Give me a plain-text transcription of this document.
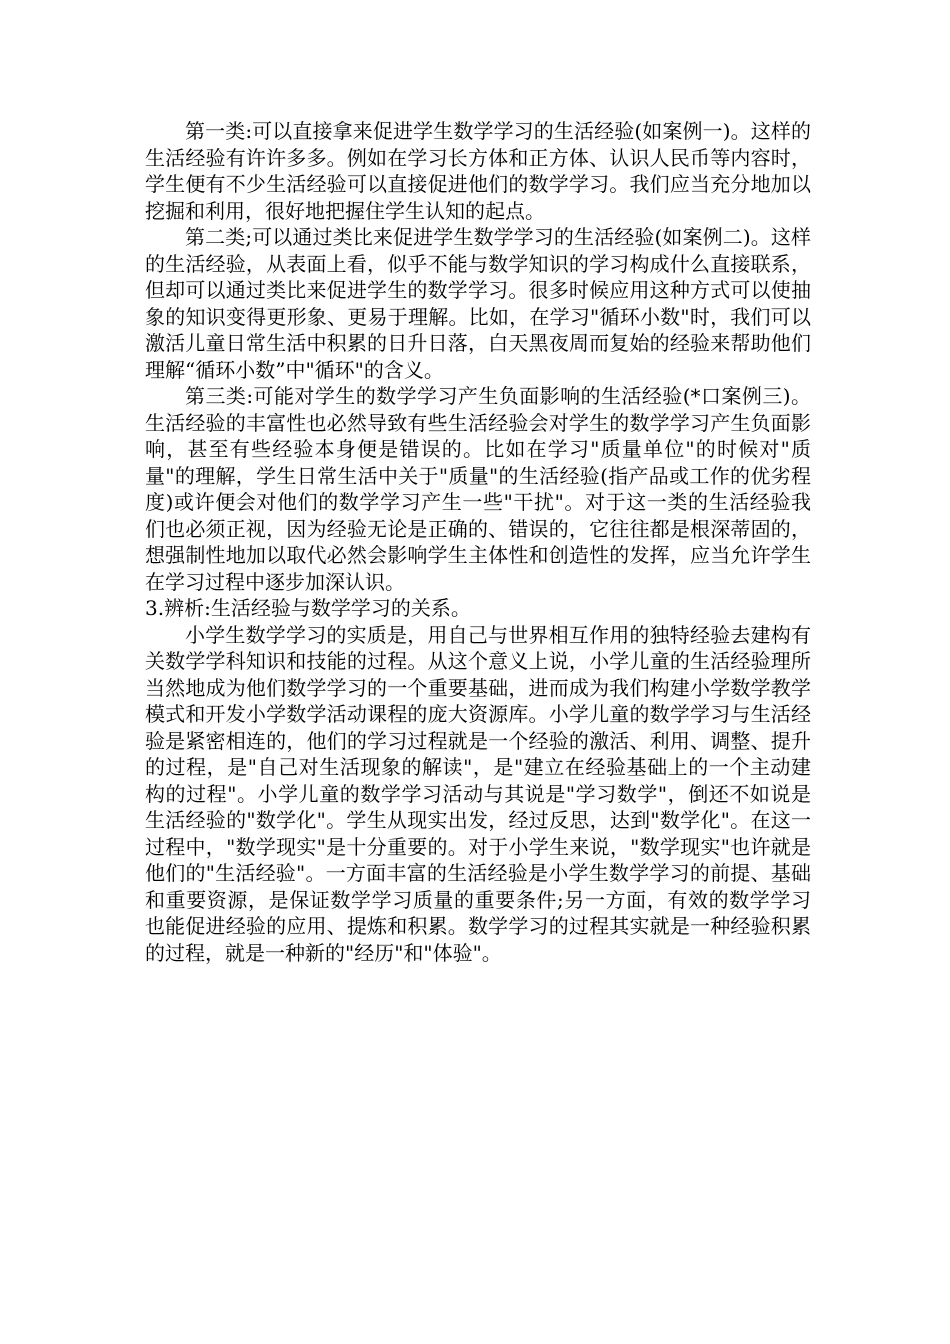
第一类:可以直接拿来促进学生数学学习的生活经验(如案例一)。这样的生活经验有许许多多。例如在学习长方体和正方体、认识人民币等内容时，学生便有不少生活经验可以直接促进他们的数学学习。我们应当充分地加以挖掘和利用，很好地把握住学生认知的起点。

第二类;可以通过类比来促进学生数学学习的生活经验(如案例二)。这样的生活经验，从表面上看，似乎不能与数学知识的学习构成什么直接联系，但却可以通过类比来促进学生的数学学习。很多时候应用这种方式可以使抽象的知识变得更形象、更易于理解。比如，在学习"循环小数"时，我们可以激活儿童日常生活中积累的日升日落，白天黑夜周而复始的经验来帮助他们理解“循环小数”中"循环"的含义。

第三类:可能对学生的数学学习产生负面影响的生活经验(*口案例三)。生活经验的丰富性也必然导致有些生活经验会对学生的数学学习产生负面影响，甚至有些经验本身便是错误的。比如在学习"质量单位"的时候对"质量"的理解，学生日常生活中关于"质量"的生活经验(指产品或工作的优劣程度)或许便会对他们的数学学习产生一些"干扰"。对于这一类的生活经验我们也必须正视，因为经验无论是正确的、错误的，它往往都是根深蒂固的，想强制性地加以取代必然会影响学生主体性和创造性的发挥，应当允许学生在学习过程中逐步加深认识。

3.辨析:生活经验与数学学习的关系。

小学生数学学习的实质是，用自己与世界相互作用的独特经验去建构有关数学学科知识和技能的过程。从这个意义上说，小学儿童的生活经验理所当然地成为他们数学学习的一个重要基础，进而成为我们构建小学数学教学模式和开发小学数学活动课程的庞大资源库。小学儿童的数学学习与生活经验是紧密相连的，他们的学习过程就是一个经验的激活、利用、调整、提升的过程，是"自己对生活现象的解读"，是"建立在经验基础上的一个主动建构的过程"。小学儿童的数学学习活动与其说是"学习数学"，倒还不如说是生活经验的"数学化"。学生从现实出发，经过反思，达到"数学化"。在这一过程中，"数学现实"是十分重要的。对于小学生来说，"数学现实"也许就是他们的"生活经验"。一方面丰富的生活经验是小学生数学学习的前提、基础和重要资源，是保证数学学习质量的重要条件;另一方面，有效的数学学习也能促进经验的应用、提炼和积累。数学学习的过程其实就是一种经验积累的过程，就是一种新的"经历"和"体验"。
